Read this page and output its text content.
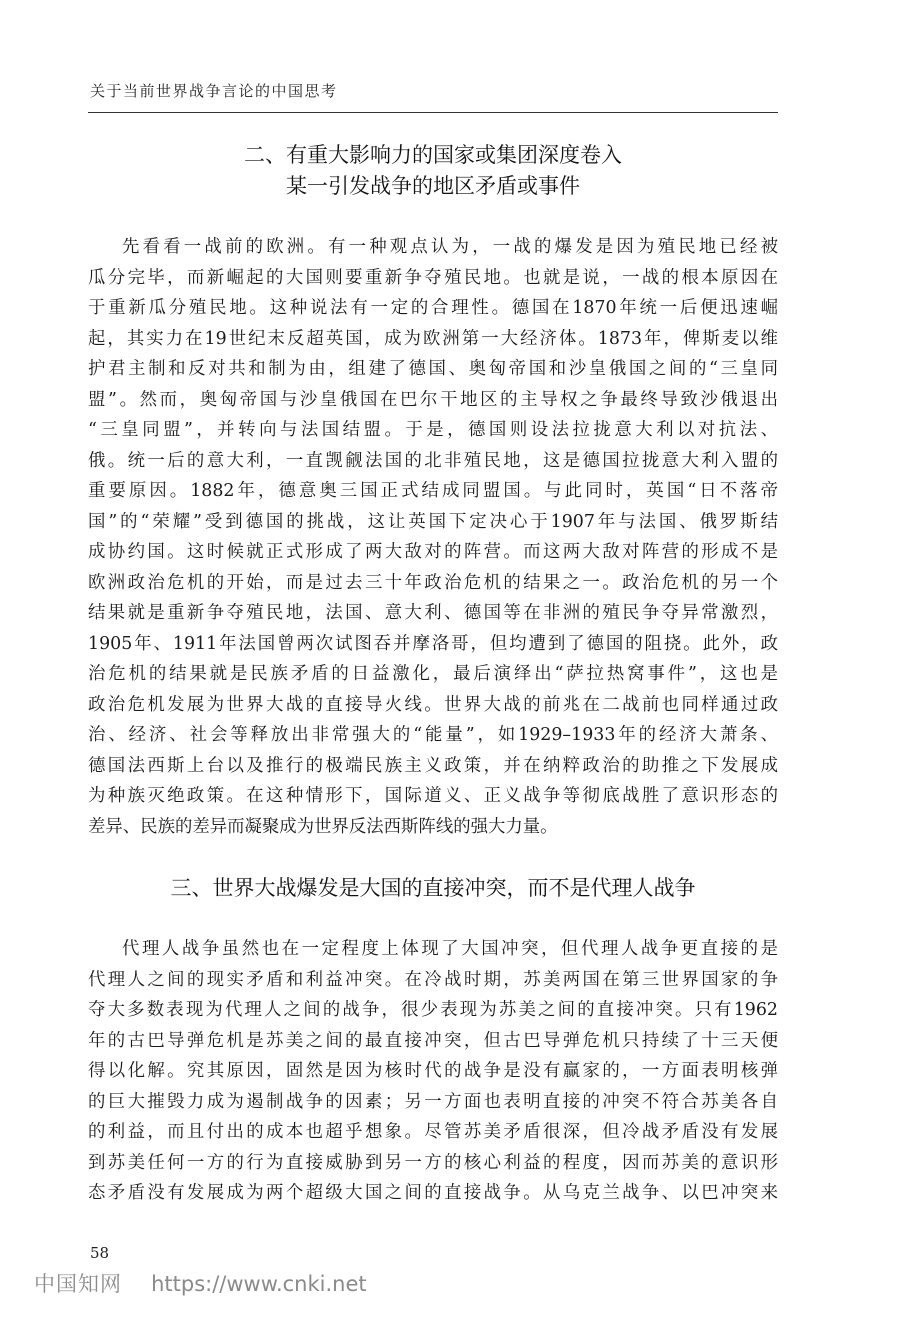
关于当前世界战争言论的中国思考
二、有重大影响力的国家或集团深度卷入
某一引发战争的地区矛盾或事件

先看看一战前的欧洲。有一种观点认为，一战的爆发是因为殖民地已经被
瓜分完毕，而新崛起的大国则要重新争夺殖民地。也就是说，一战的根本原因在
于重新瓜分殖民地。这种说法有一定的合理性。德国在1870年统一后便迅速崛
起，其实力在19世纪末反超英国，成为欧洲第一大经济体。1873年，俾斯麦以维
护君主制和反对共和制为由，组建了德国、奥匈帝国和沙皇俄国之间的“三皇同
盟”。然而，奥匈帝国与沙皇俄国在巴尔干地区的主导权之争最终导致沙俄退出
“三皇同盟”，并转向与法国结盟。于是，德国则设法拉拢意大利以对抗法、
俄。统一后的意大利，一直觊觎法国的北非殖民地，这是德国拉拢意大利入盟的
重要原因。1882年，德意奥三国正式结成同盟国。与此同时，英国“日不落帝
国”的“荣耀”受到德国的挑战，这让英国下定决心于1907年与法国、俄罗斯结
成协约国。这时候就正式形成了两大敌对的阵营。而这两大敌对阵营的形成不是
欧洲政治危机的开始，而是过去三十年政治危机的结果之一。政治危机的另一个
结果就是重新争夺殖民地，法国、意大利、德国等在非洲的殖民争夺异常激烈，
1905年、1911年法国曾两次试图吞并摩洛哥，但均遭到了德国的阻挠。此外，政
治危机的结果就是民族矛盾的日益激化，最后演绎出“萨拉热窝事件”，这也是
政治危机发展为世界大战的直接导火线。世界大战的前兆在二战前也同样通过政
治、经济、社会等释放出非常强大的“能量”，如1929–1933年的经济大萧条、
德国法西斯上台以及推行的极端民族主义政策，并在纳粹政治的助推之下发展成
为种族灭绝政策。在这种情形下，国际道义、正义战争等彻底战胜了意识形态的
差异、民族的差异而凝聚成为世界反法西斯阵线的强大力量。

三、世界大战爆发是大国的直接冲突，而不是代理人战争

代理人战争虽然也在一定程度上体现了大国冲突，但代理人战争更直接的是
代理人之间的现实矛盾和利益冲突。在冷战时期，苏美两国在第三世界国家的争
夺大多数表现为代理人之间的战争，很少表现为苏美之间的直接冲突。只有1962
年的古巴导弹危机是苏美之间的最直接冲突，但古巴导弹危机只持续了十三天便
得以化解。究其原因，固然是因为核时代的战争是没有赢家的，一方面表明核弹
的巨大摧毁力成为遏制战争的因素；另一方面也表明直接的冲突不符合苏美各自
的利益，而且付出的成本也超乎想象。尽管苏美矛盾很深，但冷战矛盾没有发展
到苏美任何一方的行为直接威胁到另一方的核心利益的程度，因而苏美的意识形
态矛盾没有发展成为两个超级大国之间的直接战争。从乌克兰战争、以巴冲突来

58
中国知网 https://www.cnki.net
